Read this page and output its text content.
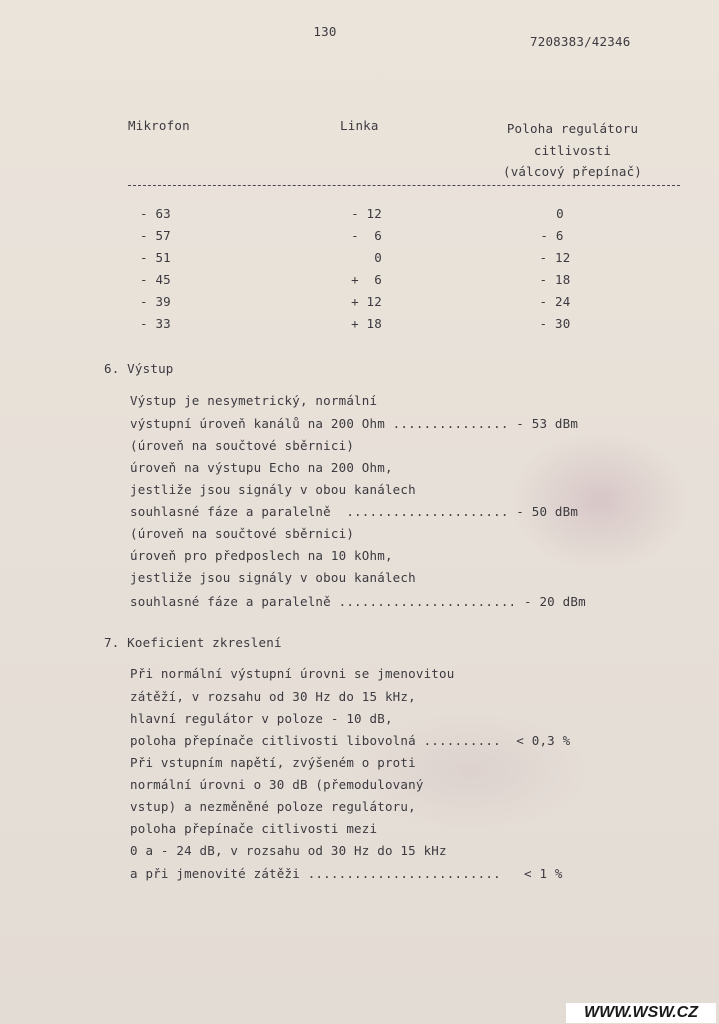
130
7208383/42346
Mikrofon	Linka	Poloha regulátoru
citlivosti
(válcový přepínač)
- 63	- 12	0
- 57	-  6	- 6
- 51	0	- 12
- 45	+  6	- 18
- 39	+ 12	- 24
- 33	+ 18	- 30
6. Výstup
Výstup je nesymetrický, normální
výstupní úroveň kanálů na 200 Ohm ............... - 53 dBm
(úroveň na součtové sběrnici)
úroveň na výstupu Echo na 200 Ohm,
jestliže jsou signály v obou kanálech
souhlasné fáze a paralelně  ..................... - 50 dBm
(úroveň na součtové sběrnici)
úroveň pro předposlech na 10 kOhm,
jestliže jsou signály v obou kanálech
souhlasné fáze a paralelně ....................... - 20 dBm
7. Koeficient zkreslení
Při normální výstupní úrovni se jmenovitou
zátěží, v rozsahu od 30 Hz do 15 kHz,
hlavní regulátor v poloze - 10 dB,
poloha přepínače citlivosti libovolná ..........  < 0,3 %
Při vstupním napětí, zvýšeném o proti
normální úrovni o 30 dB (přemodulovaný
vstup) a nezměněné poloze regulátoru,
poloha přepínače citlivosti mezi
0 a - 24 dB, v rozsahu od 30 Hz do 15 kHz
a při jmenovité zátěži .........................   < 1 %
WWW.WSW.CZ
